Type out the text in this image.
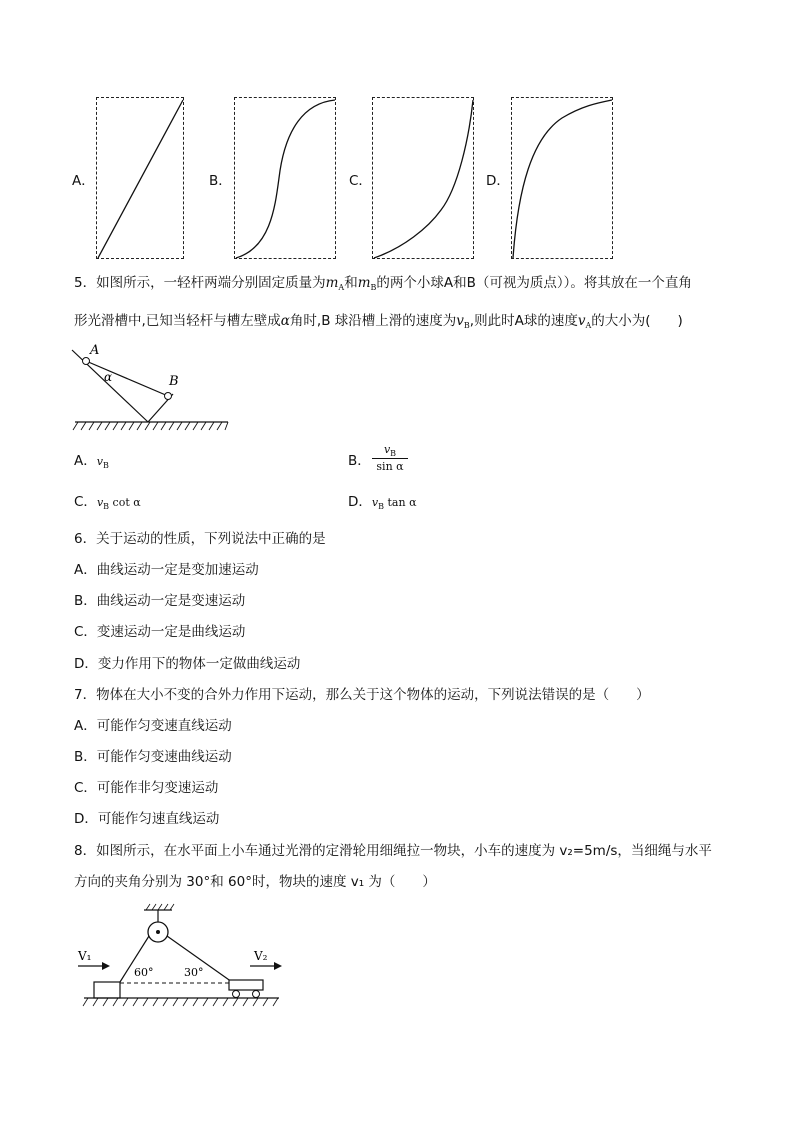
A．	B．	C．	D．
5．如图所示，一轻杆两端分别固定质量为$m_A$和$m_B$的两个小球A和B（可视为质点））。将其放在一个直角
形光滑槽中,已知当轻杆与槽左壁成α角时,B 球沿槽上滑的速度为$v_B$,则此时A球的速度$v_A$的大小为(　　)
A
B
α
A．$v_B$	B． $\frac{v_B}{\text{sin α}}$
C．$v_B$ cot α	D．$v_B$ tan α
6．关于运动的性质，下列说法中正确的是
A．曲线运动一定是变加速运动
B．曲线运动一定是变速运动
C．变速运动一定是曲线运动
D．变力作用下的物体一定做曲线运动
7．物体在大小不变的合外力作用下运动，那么关于这个物体的运动，下列说法错误的是（　　）
A．可能作匀变速直线运动
B．可能作匀变速曲线运动
C．可能作非匀变速运动
D．可能作匀速直线运动
8．如图所示，在水平面上小车通过光滑的定滑轮用细绳拉一物块，小车的速度为 v₂=5m/s，当细绳与水平
方向的夹角分别为 30°和 60°时，物块的速度 v₁ 为（　　）
V₁	V₂
60°	30°
